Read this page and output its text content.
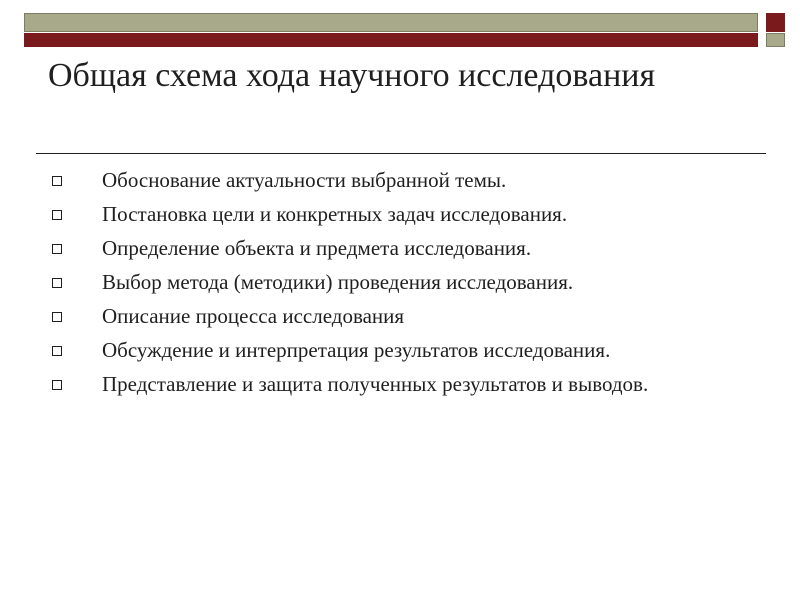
Общая схема хода научного исследования
Обоснование актуальности выбранной темы.
Постановка цели и конкретных задач исследования.
Определение объекта и предмета исследования.
Выбор метода (методики) проведения исследования.
Описание процесса исследования
Обсуждение и интерпретация результатов исследования.
Представление и защита полученных результатов и выводов.
